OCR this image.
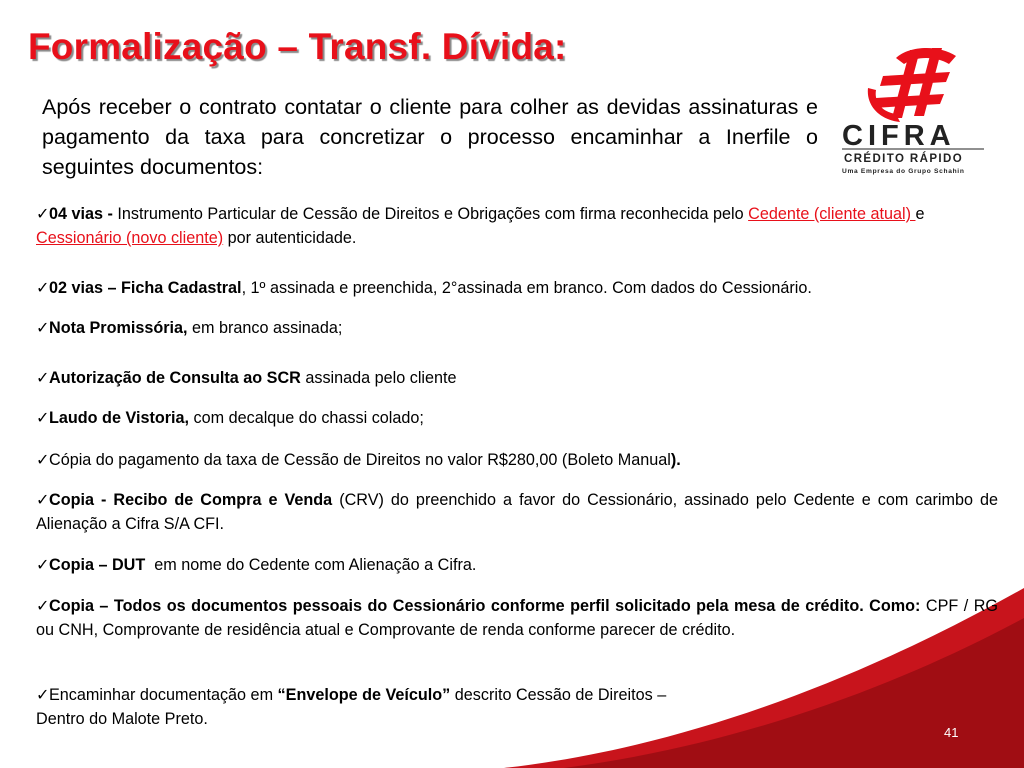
Formalização – Transf. Dívida:
Após receber o contrato contatar o cliente para colher as devidas assinaturas e pagamento da taxa para concretizar o processo encaminhar a Inerfile o seguintes documentos:
CIFRA
CRÉDITO RÁPIDO
Uma Empresa do Grupo Schahin
✓04 vias - Instrumento Particular de Cessão de Direitos e Obrigações com firma reconhecida pelo Cedente (cliente atual) e Cessionário (novo cliente) por autenticidade.
✓02 vias – Ficha Cadastral, 1º assinada e preenchida, 2°assinada em branco. Com dados do Cessionário.
✓Nota Promissória, em branco assinada;
✓Autorização de Consulta ao SCR assinada pelo cliente
✓Laudo de Vistoria, com decalque do chassi colado;
✓Cópia do pagamento da taxa de Cessão de Direitos no valor R$280,00 (Boleto Manual).
✓Copia - Recibo de Compra e Venda (CRV) do preenchido a favor do Cessionário, assinado pelo Cedente e com carimbo de Alienação a Cifra S/A CFI.
✓Copia – DUT  em nome do Cedente com Alienação a Cifra.
✓Copia – Todos os documentos pessoais do Cessionário conforme perfil solicitado pela mesa de crédito. Como: CPF / RG ou CNH, Comprovante de residência atual e Comprovante de renda conforme parecer de crédito.
✓Encaminhar documentação em “Envelope de Veículo” descrito Cessão de Direitos –
Dentro do Malote Preto.
41
